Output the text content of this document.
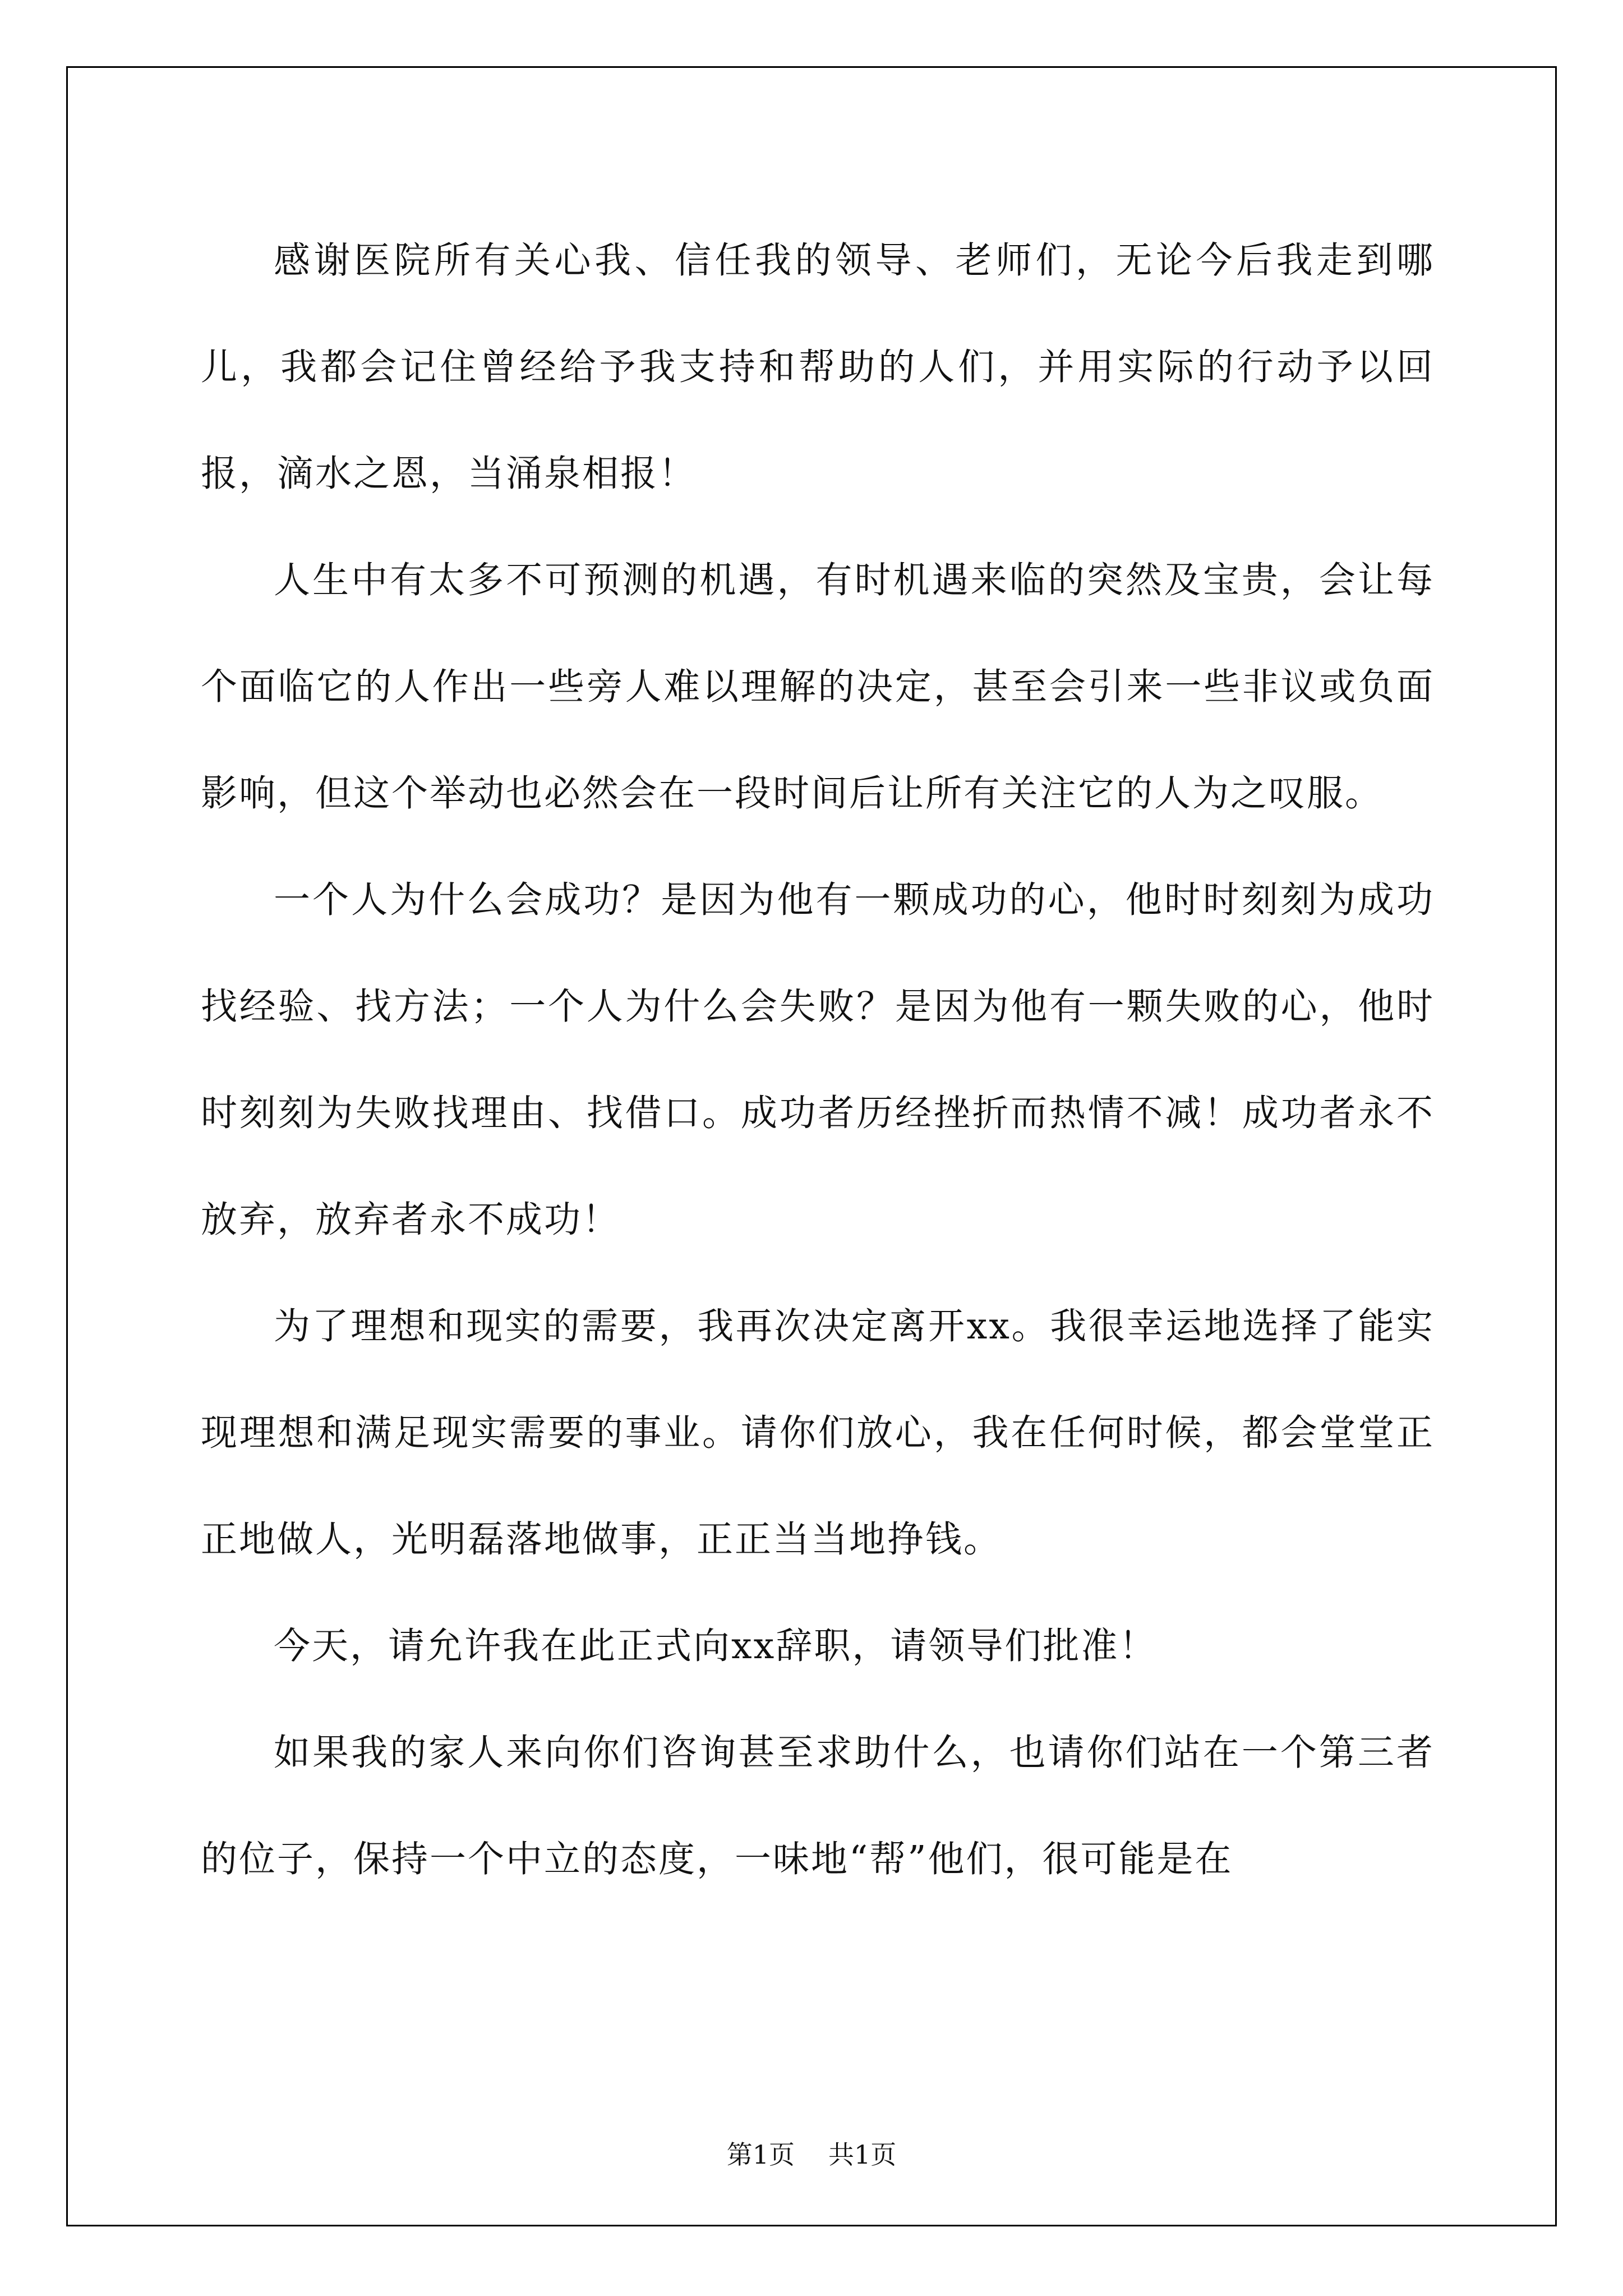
感谢医院所有关心我、信任我的领导、老师们，无论今后我走到哪儿，我都会记住曾经给予我支持和帮助的人们，并用实际的行动予以回报，滴水之恩，当涌泉相报！

人生中有太多不可预测的机遇，有时机遇来临的突然及宝贵，会让每个面临它的人作出一些旁人难以理解的决定，甚至会引来一些非议或负面影响，但这个举动也必然会在一段时间后让所有关注它的人为之叹服。

一个人为什么会成功？是因为他有一颗成功的心，他时时刻刻为成功找经验、找方法；一个人为什么会失败？是因为他有一颗失败的心，他时时刻刻为失败找理由、找借口。成功者历经挫折而热情不减！成功者永不放弃，放弃者永不成功！

为了理想和现实的需要，我再次决定离开xx。我很幸运地选择了能实现理想和满足现实需要的事业。请你们放心，我在任何时候，都会堂堂正正地做人，光明磊落地做事，正正当当地挣钱。

今天，请允许我在此正式向xx辞职，请领导们批准！

如果我的家人来向你们咨询甚至求助什么，也请你们站在一个第三者的位子，保持一个中立的态度，一味地“帮”他们，很可能是在

第1页 共1页
